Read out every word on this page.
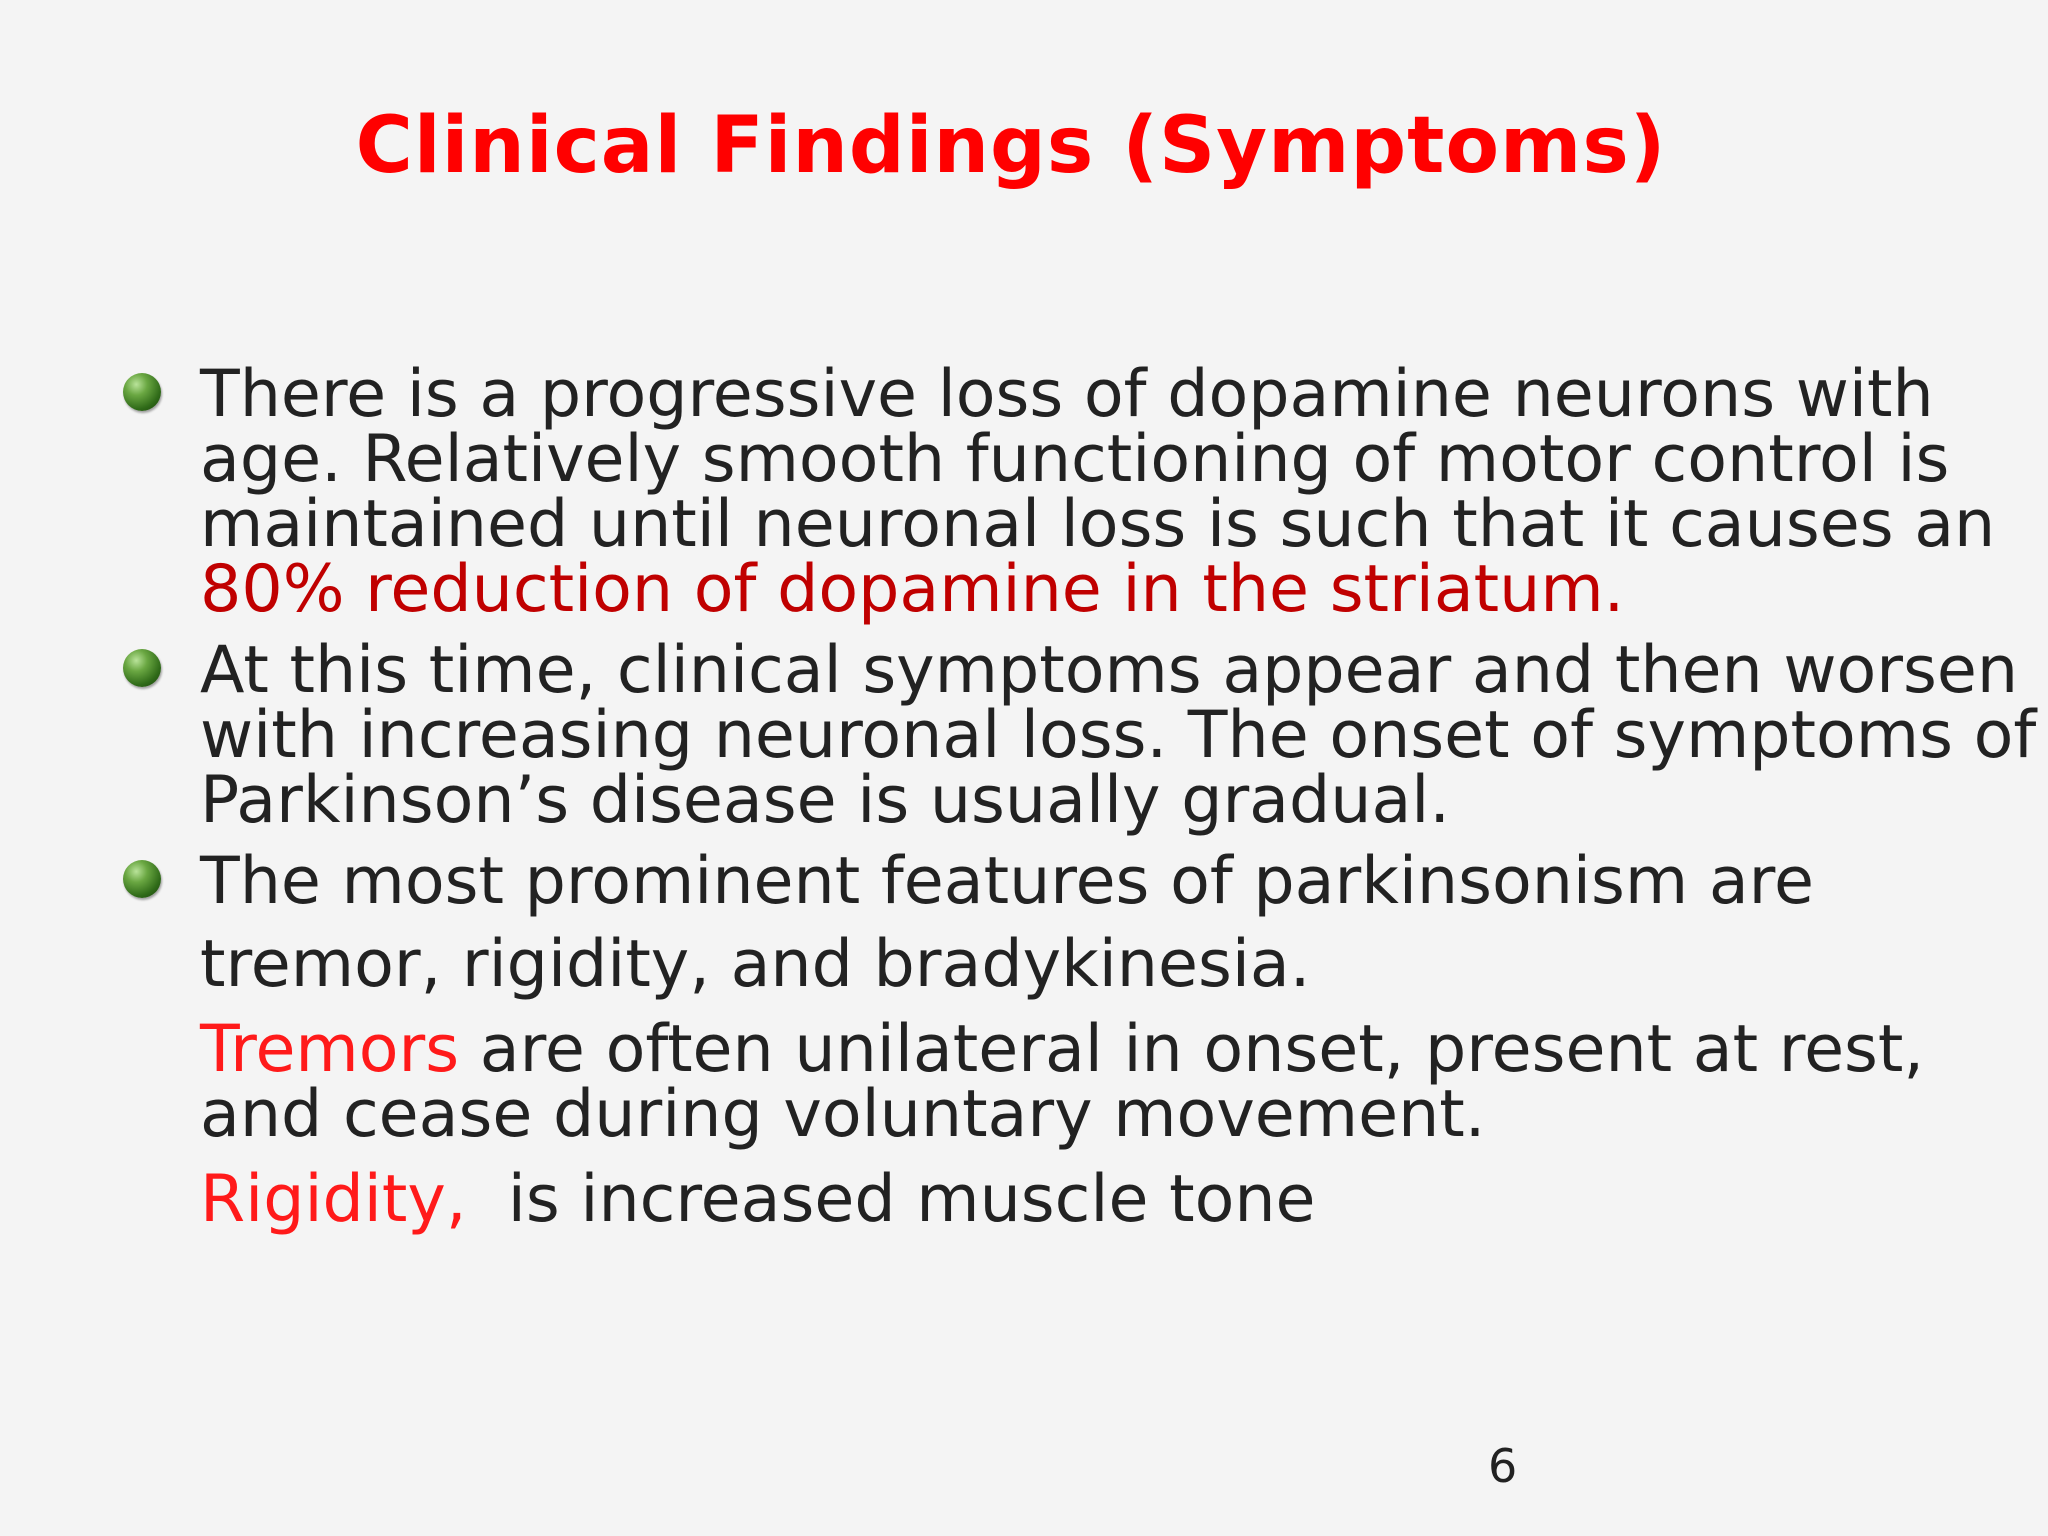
Clinical Findings (Symptoms)

There is a progressive loss of dopamine neurons with age. Relatively smooth functioning of motor control is maintained until neuronal loss is such that it causes an 80% reduction of dopamine in the striatum.

At this time, clinical symptoms appear and then worsen with increasing neuronal loss. The onset of symptoms of Parkinson’s disease is usually gradual.

The most prominent features of parkinsonism are
tremor, rigidity, and bradykinesia.
Tremors are often unilateral in onset, present at rest, and cease during voluntary movement.
Rigidity,  is increased muscle tone

6
